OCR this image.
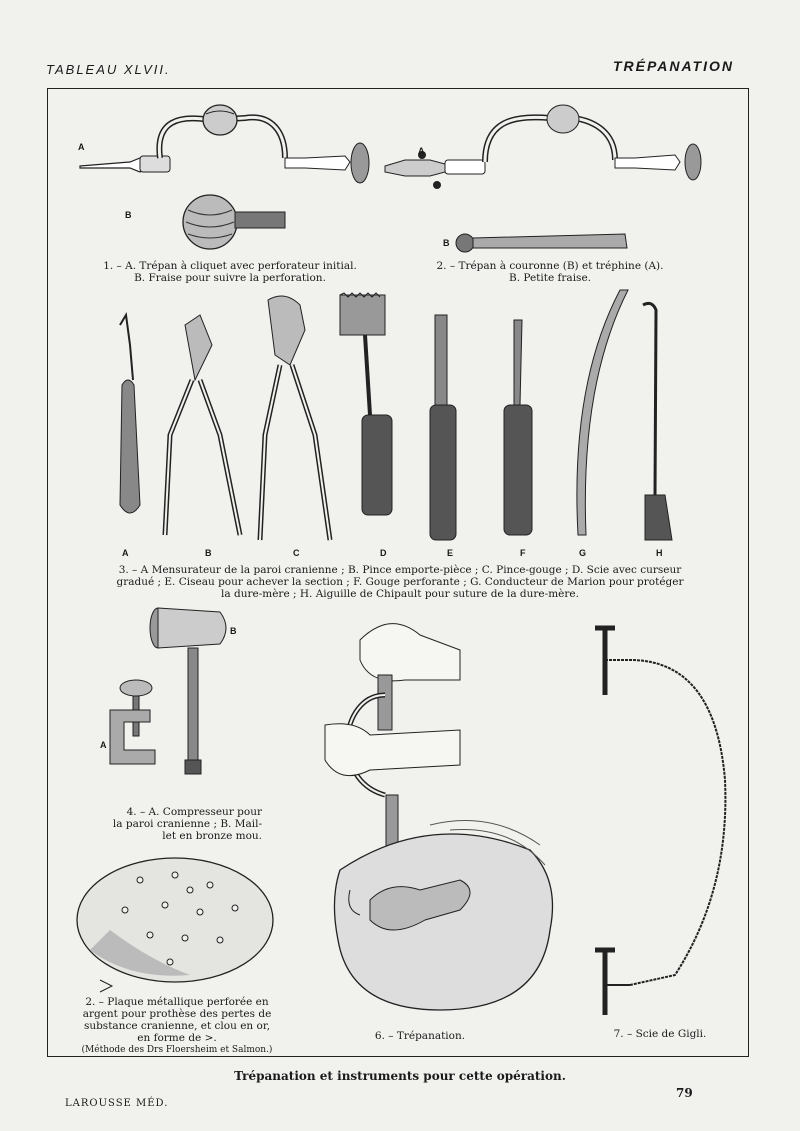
TABLEAU XLVII.	TRÉPANATION
A
B
1. – A. Trépan à cliquet avec perforateur initial.
B. Fraise pour suivre la perforation.
A
B
2. – Trépan à couronne (B) et tréphine (A).
B. Petite fraise.
A	B	C	D	E	F	G	H
3. – A Mensurateur de la paroi cranienne ; B. Pince emporte-pièce ; C. Pince-gouge ; D. Scie avec curseur
gradué ; E. Ciseau pour achever la section ; F. Gouge perforante ; G. Conducteur de Marion pour protéger
la dure-mère ; H. Aiguille de Chipault pour suture de la dure-mère.
B
A
4. – A. Compresseur pour
la paroi cranienne ; B. Mail-
let en bronze mou.
2. – Plaque métallique perforée en
argent pour prothèse des pertes de
substance cranienne, et clou en or,
en forme de >.
(Méthode des Drs Floersheim et Salmon.)
6. – Trépanation.	7. – Scie de Gigli.
Trépanation et instruments pour cette opération.
LAROUSSE MÉD.
79
